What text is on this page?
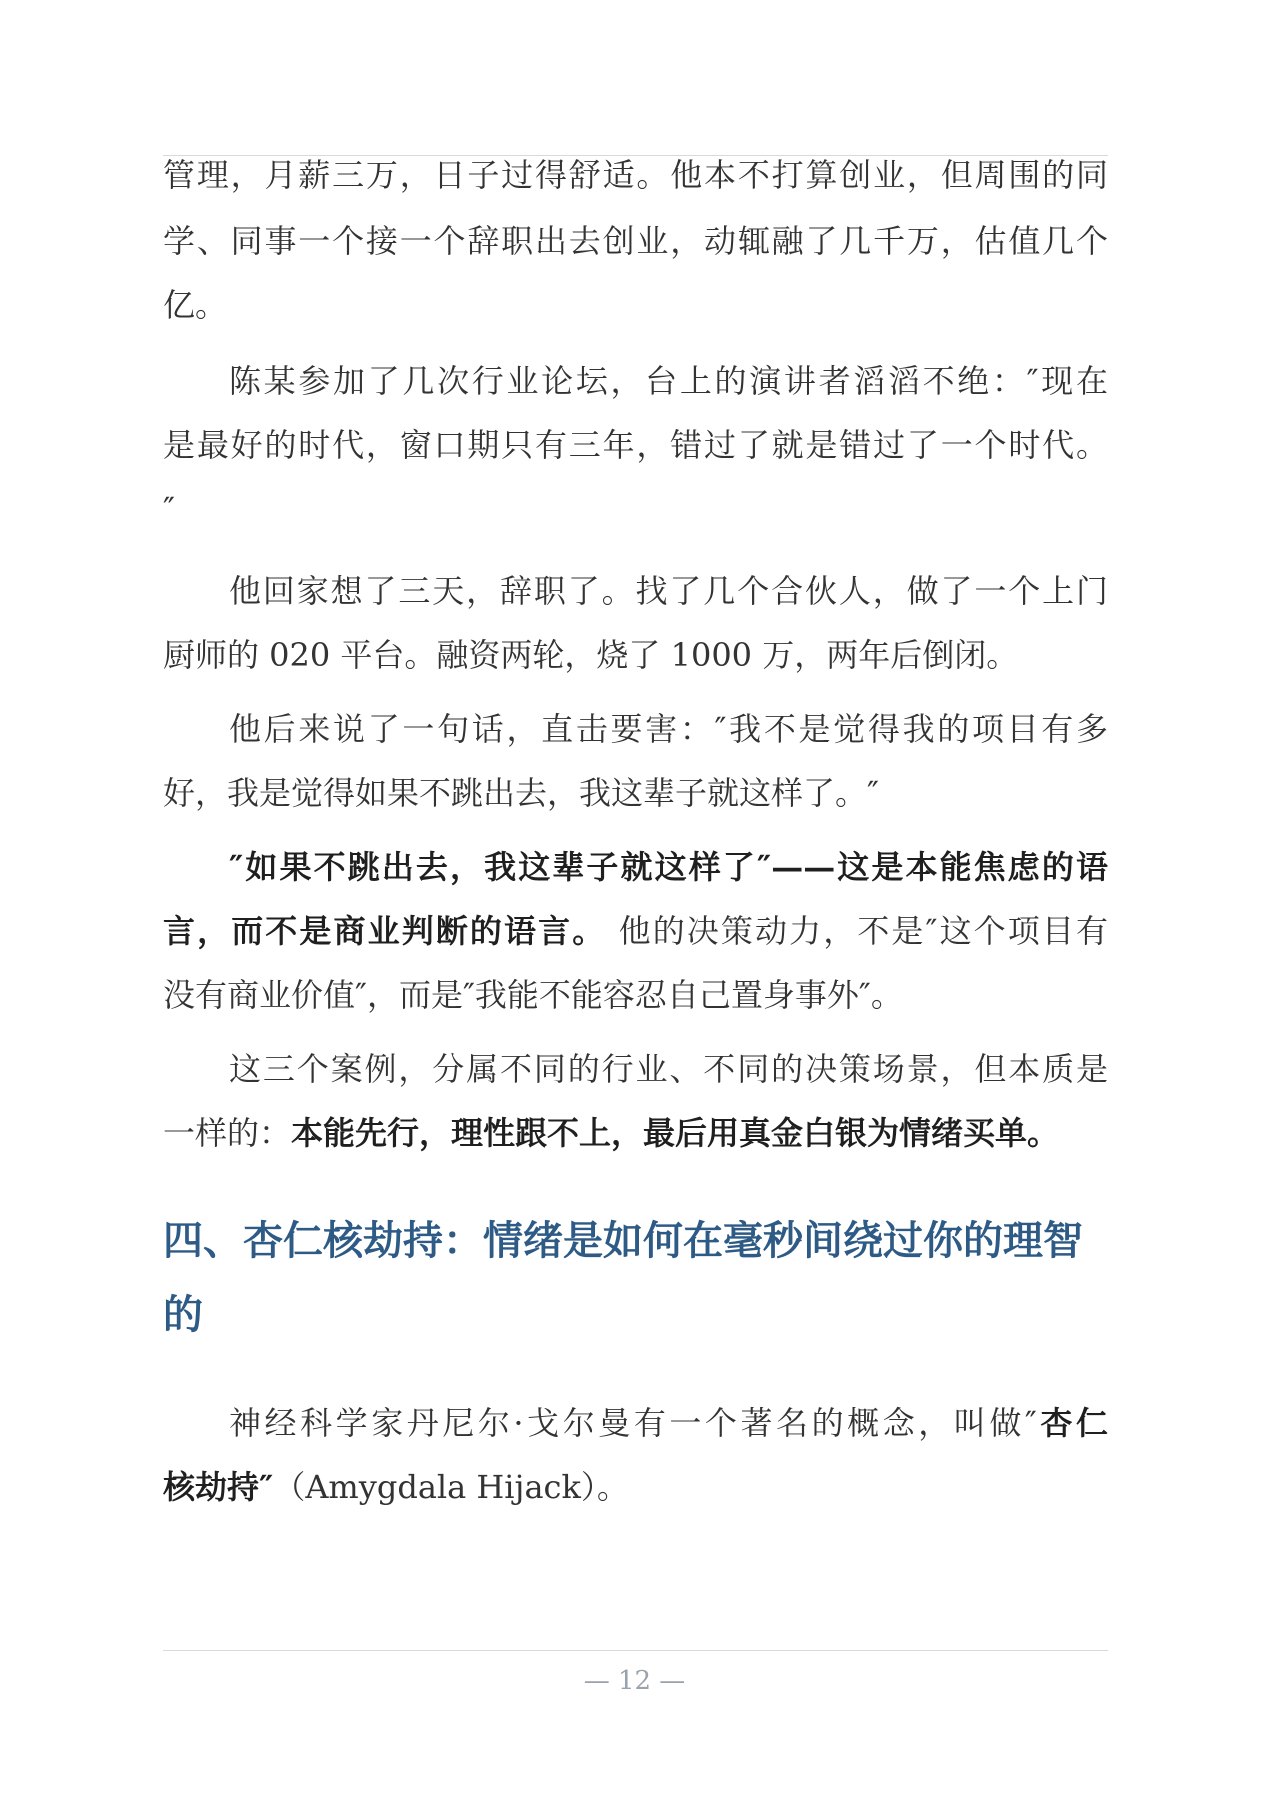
管理，月薪三万，日子过得舒适。他本不打算创业，但周围的同
学、同事一个接一个辞职出去创业，动辄融了几千万，估值几个
亿。
陈某参加了几次行业论坛，台上的演讲者滔滔不绝：″现在
是最好的时代，窗口期只有三年，错过了就是错过了一个时代。
″
他回家想了三天，辞职了。找了几个合伙人，做了一个上门
厨师的 020 平台。融资两轮，烧了 1000 万，两年后倒闭。
他后来说了一句话，直击要害：″我不是觉得我的项目有多
好，我是觉得如果不跳出去，我这辈子就这样了。″
″如果不跳出去，我这辈子就这样了″——这是本能焦虑的语
言，而不是商业判断的语言。 他的决策动力，不是″这个项目有
没有商业价值″，而是″我能不能容忍自己置身事外″。
这三个案例，分属不同的行业、不同的决策场景，但本质是
一样的：本能先行，理性跟不上，最后用真金白银为情绪买单。
四、杏仁核劫持：情绪是如何在毫秒间绕过你的理智
的
神经科学家丹尼尔·戈尔曼有一个著名的概念，叫做″杏仁
核劫持″（Amygdala Hijack）。
— 12 —
